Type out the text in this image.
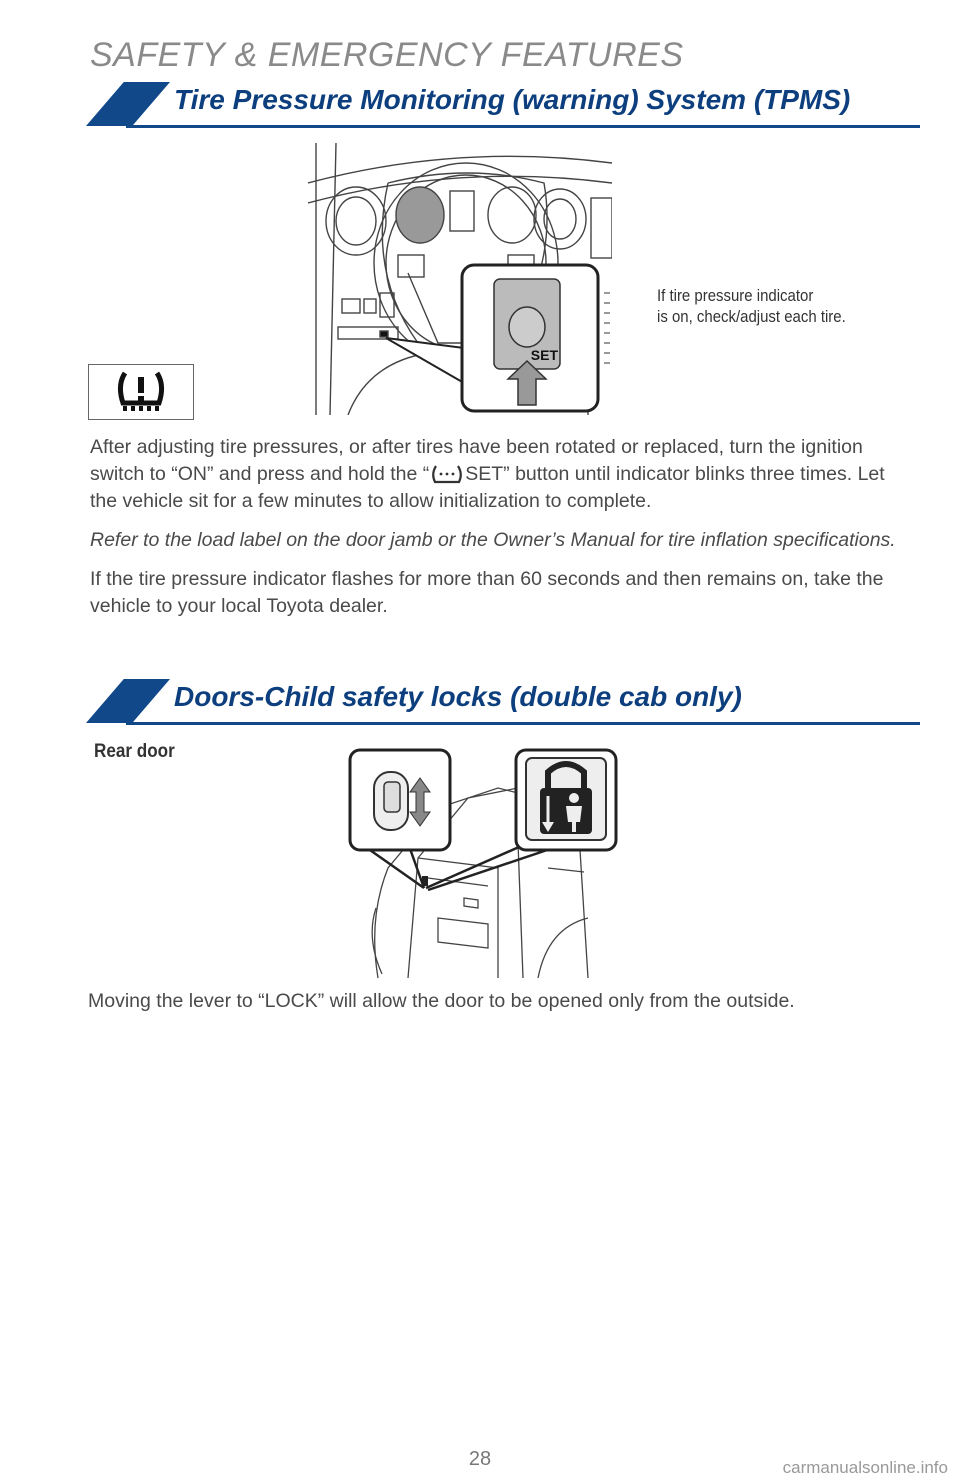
SAFETY & EMERGENCY FEATURES
Tire Pressure Monitoring (warning) System (TPMS)
SET
If tire pressure indicator
is on, check/adjust each tire.

After adjusting tire pressures, or after tires have been rotated or replaced, turn the ignition switch to “ON” and press and hold the “ SET” button until indicator blinks three times. Let the vehicle sit for a few minutes to allow initialization to complete.

Refer to the load label on the door jamb or the Owner’s Manual for tire inflation specifications.

If the tire pressure indicator flashes for more than 60 seconds and then remains on, take the vehicle to your local Toyota dealer.

Doors-Child safety locks (double cab only)
Rear door

Moving the lever to “LOCK” will allow the door to be opened only from the outside.

28	carmanualsonline.info
